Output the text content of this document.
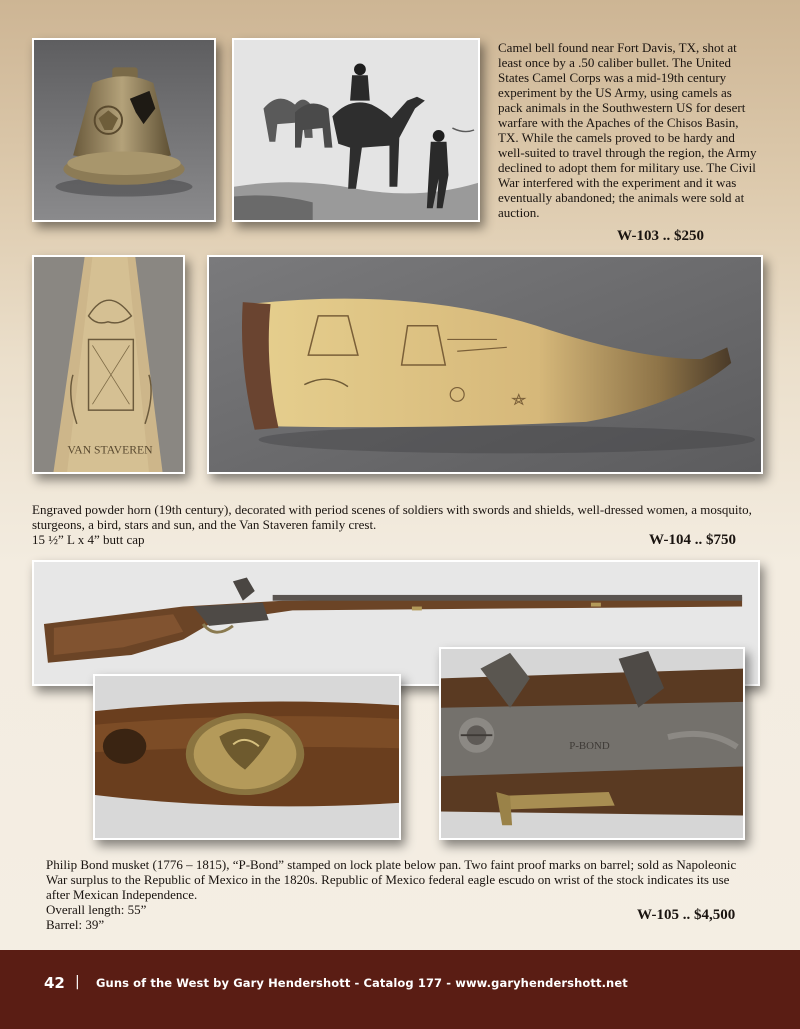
Camel bell found near Fort Davis, TX, shot at least once by a .50 caliber bullet. The United States Camel Corps was a mid-19th century experiment by the US Army, using camels as pack animals in the Southwestern US for desert warfare with the Apaches of the Chisos Basin, TX. While the camels proved to be hardy and well-suited to travel through the region, the Army declined to adopt them for military use. The Civil War interfered with the experiment and it was eventually abandoned; the animals were sold at auction.

W-103 .. $250
VAN STAVEREN

Engraved powder horn (19th century), decorated with period scenes of soldiers with swords and shields, well-dressed women, a mosquito, sturgeons, a bird, stars and sun, and the Van Staveren family crest.
15 ½” L x 4” butt cap	W-104 .. $750
P-BOND

Philip Bond musket (1776 – 1815), “P-Bond” stamped on lock plate below pan. Two faint proof marks on barrel; sold as Napoleonic War surplus to the Republic of Mexico in the 1820s. Republic of Mexico federal eagle escudo on wrist of the stock indicates its use after Mexican Independence.
Overall length: 55”
Barrel: 39”

W-105 .. $4,500
42 | Guns of the West by Gary Hendershott - Catalog 177 - www.garyhendershott.net
